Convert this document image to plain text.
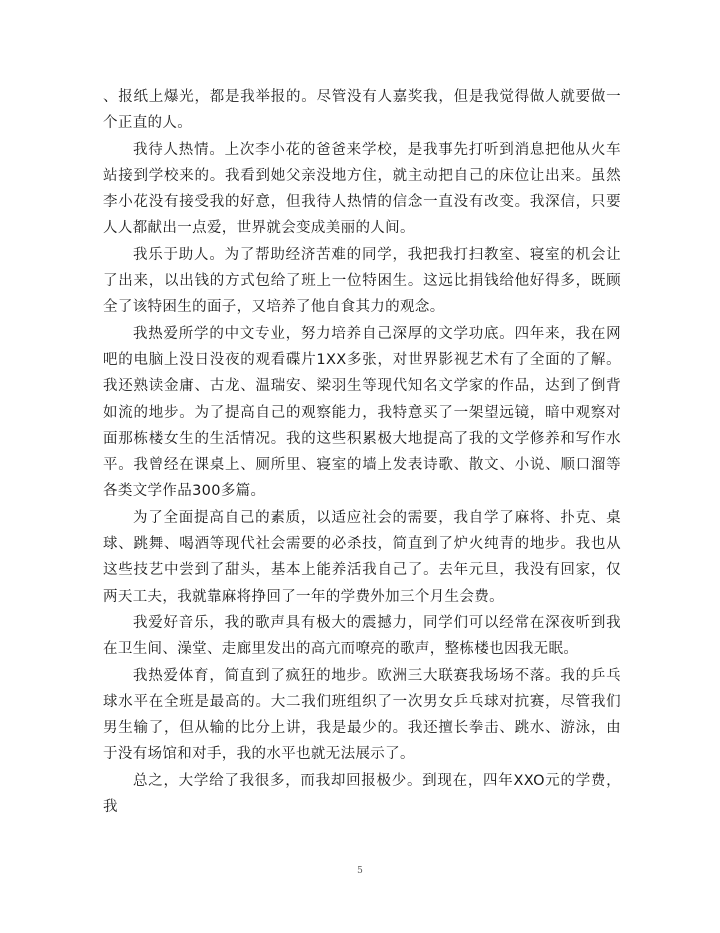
、报纸上爆光，都是我举报的。尽管没有人嘉奖我，但是我觉得做人就要做一个正直的人。

我待人热情。上次李小花的爸爸来学校，是我事先打听到消息把他从火车站接到学校来的。我看到她父亲没地方住，就主动把自己的床位让出来。虽然李小花没有接受我的好意，但我待人热情的信念一直没有改变。我深信，只要人人都献出一点爱，世界就会变成美丽的人间。

我乐于助人。为了帮助经济苦难的同学，我把我打扫教室、寝室的机会让了出来，以出钱的方式包给了班上一位特困生。这远比捐钱给他好得多，既顾全了该特困生的面子，又培养了他自食其力的观念。

我热爱所学的中文专业，努力培养自己深厚的文学功底。四年来，我在网吧的电脑上没日没夜的观看碟片1XX多张，对世界影视艺术有了全面的了解。我还熟读金庸、古龙、温瑞安、梁羽生等现代知名文学家的作品，达到了倒背如流的地步。为了提高自己的观察能力，我特意买了一架望远镜，暗中观察对面那栋楼女生的生活情况。我的这些积累极大地提高了我的文学修养和写作水平。我曾经在课桌上、厕所里、寝室的墙上发表诗歌、散文、小说、顺口溜等各类文学作品300多篇。

为了全面提高自己的素质，以适应社会的需要，我自学了麻将、扑克、桌球、跳舞、喝酒等现代社会需要的必杀技，简直到了炉火纯青的地步。我也从这些技艺中尝到了甜头，基本上能养活我自己了。去年元旦，我没有回家，仅两天工夫，我就靠麻将挣回了一年的学费外加三个月生会费。

我爱好音乐，我的歌声具有极大的震撼力，同学们可以经常在深夜听到我在卫生间、澡堂、走廊里发出的高亢而嘹亮的歌声，整栋楼也因我无眠。

我热爱体育，简直到了疯狂的地步。欧洲三大联赛我场场不落。我的乒乓球水平在全班是最高的。大二我们班组织了一次男女乒乓球对抗赛，尽管我们男生输了，但从输的比分上讲，我是最少的。我还擅长拳击、跳水、游泳，由于没有场馆和对手，我的水平也就无法展示了。

总之，大学给了我很多，而我却回报极少。到现在，四年XXO元的学费，我

5
